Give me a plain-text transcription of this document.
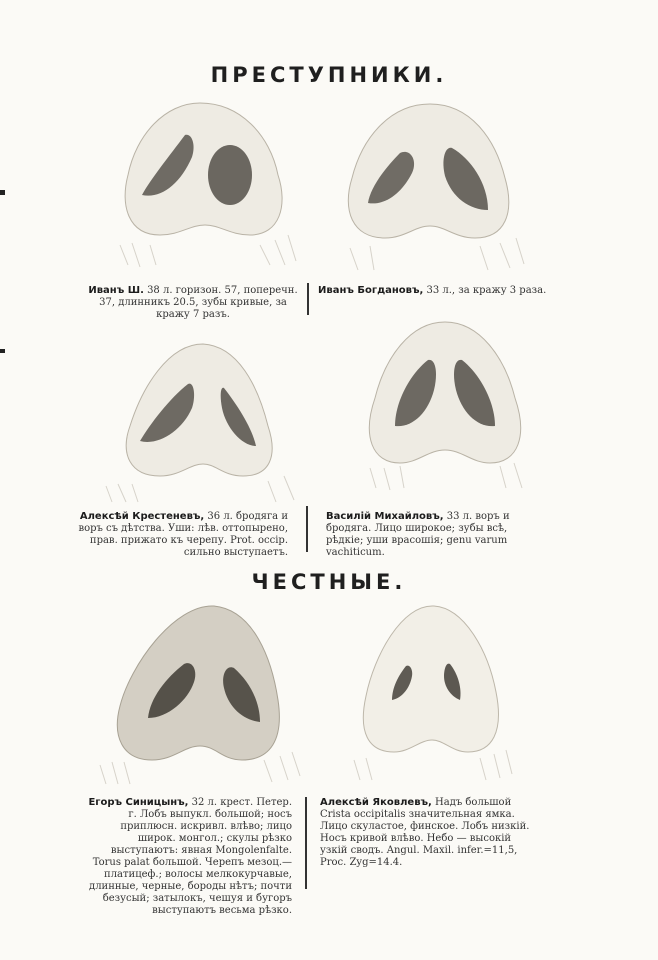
ПРЕСТУПНИКИ.
Иванъ Ш. 38 л. горизон. 57, поперечн. 37, длинникъ 20.5, зубы кривые, за кражу 7 разъ.
Иванъ Богдановъ, 33 л., за кражу 3 раза.
Алексѣй Крестеневъ, 36 л. бродяга и воръ съ дѣтства. Уши: лѣв. оттопырено, прав. прижато къ черепу. Prot. occip. сильно выступаетъ.
Василій Михайловъ, 33 л. воръ и бродяга. Лицо широкое; зубы всѣ, рѣдкіе; уши врасошія; genu varum vachiticum.
ЧЕСТНЫЕ.
Егоръ Синицынъ, 32 л. крест. Петер. г. Лобъ выпукл. большой; носъ приплюсн. искривл. влѣво; лицо широк. монгол.; скулы рѣзко выступаютъ: явная Mongolenfalte. Torus palat большой. Черепъ мезоц.—платицеф.; волосы мелкокурчавые, длинные, черные, бороды нѣтъ; почти безусый; затылокъ, чешуя и бугоръ выступаютъ весьма рѣзко.
Алексѣй Яковлевъ, Надъ большой Crista occipitalis значительная ямка. Лицо скуластое, финское. Лобъ низкій. Носъ кривой влѣво. Небо — высокій узкій сводъ. Angul. Maxil. infer.=11,5, Proc. Zyg=14.4.
